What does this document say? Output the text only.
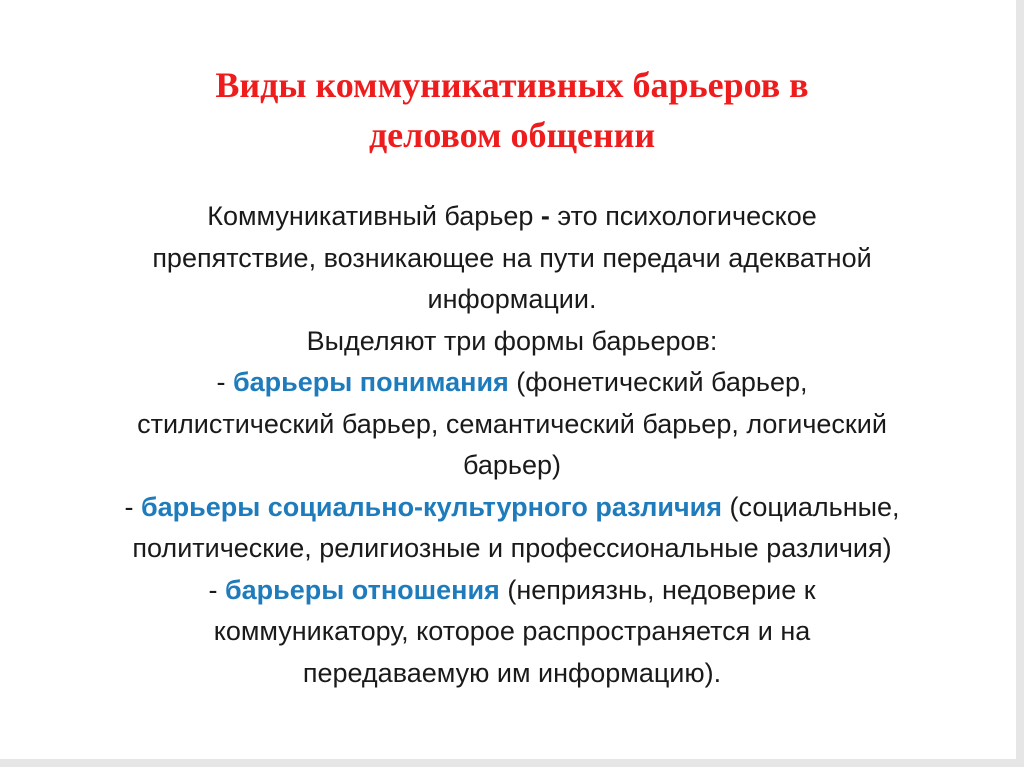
Виды коммуникативных барьеров в
деловом общении
Коммуникативный барьер - это психологическое
препятствие, возникающее на пути передачи адекватной
информации.
Выделяют три формы барьеров:
- барьеры понимания (фонетический барьер,
стилистический барьер, семантический барьер, логический
барьер)
- барьеры социально-культурного различия (социальные,
политические, религиозные и профессиональные различия)
- барьеры отношения (неприязнь, недоверие к
коммуникатору, которое распространяется и на
передаваемую им информацию).
